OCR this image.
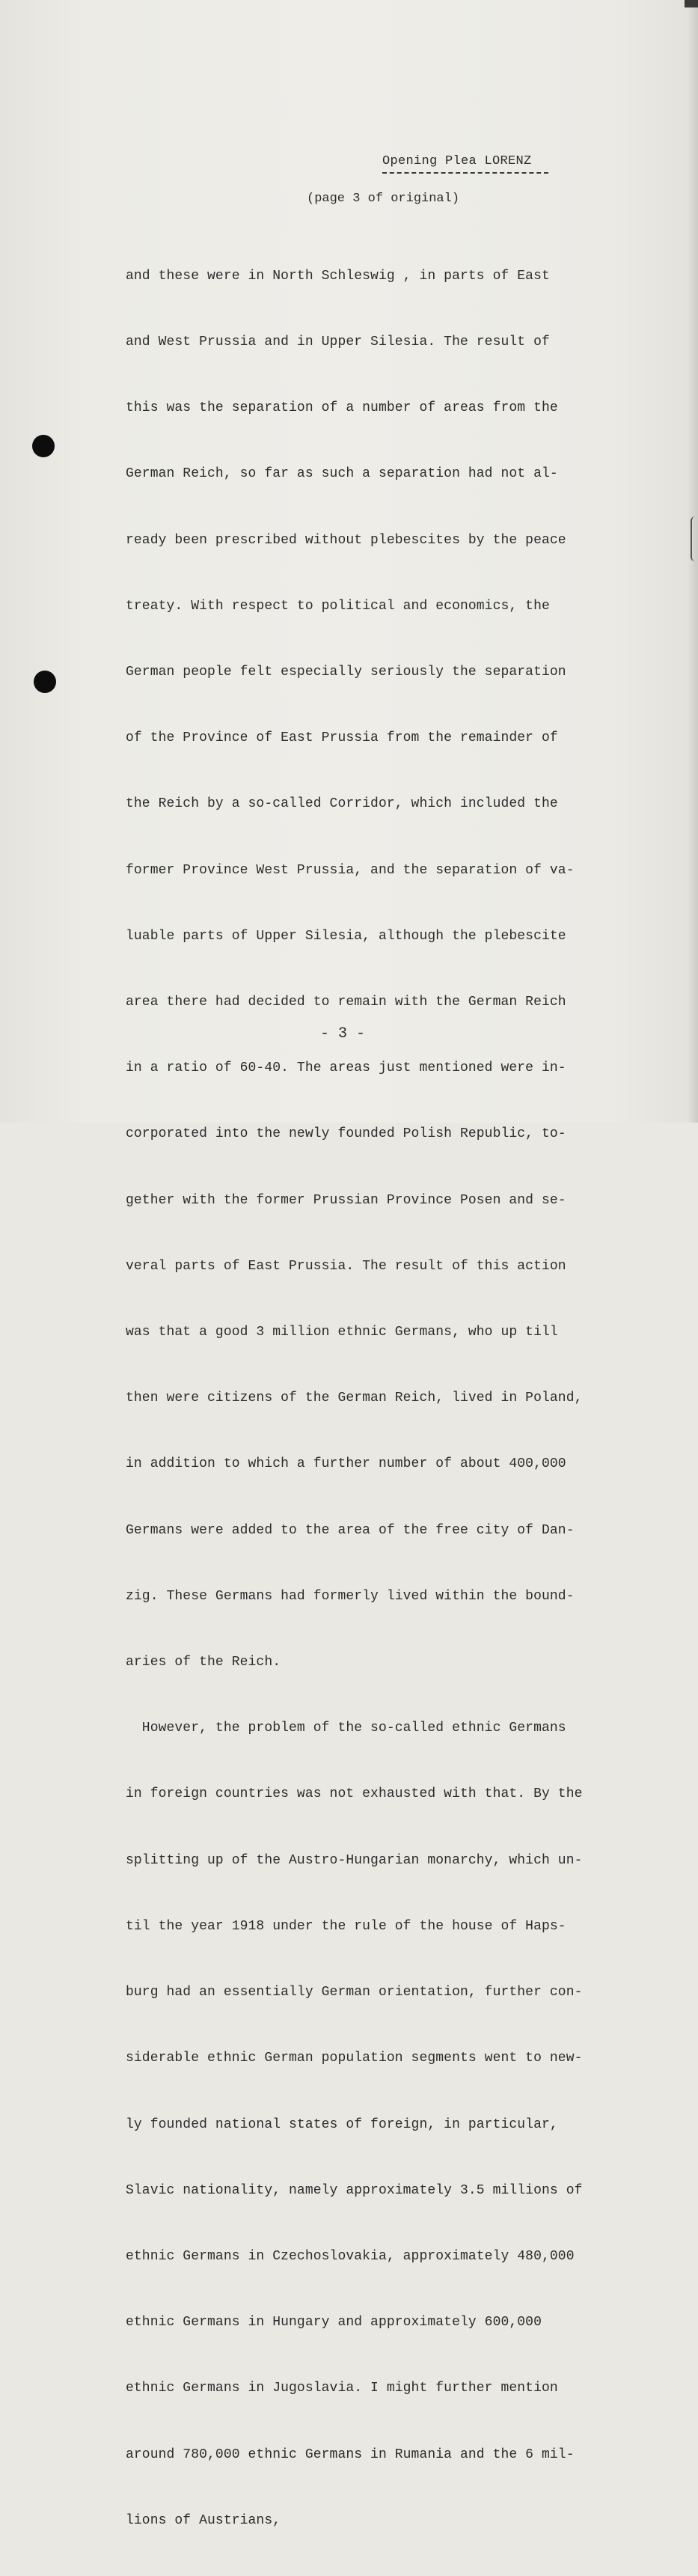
Opening Plea LORENZ
(page 3 of original)

and these were in North Schleswig , in parts of East

and West Prussia and in Upper Silesia. The result of

this was the separation of a number of areas from the

German Reich, so far as such a separation had not al-

ready been prescribed without plebescites by the peace

treaty. With respect to political and economics, the

German people felt especially seriously the separation

of the Province of East Prussia from the remainder of

the Reich by a so-called Corridor, which included the

former Province West Prussia, and the separation of va-

luable parts of Upper Silesia, although the plebescite

area there had decided to remain with the German Reich

in a ratio of 60-40. The areas just mentioned were in-

corporated into the newly founded Polish Republic, to-

gether with the former Prussian Province Posen and se-

veral parts of East Prussia. The result of this action

was that a good 3 million ethnic Germans, who up till

then were citizens of the German Reich, lived in Poland,

in addition to which a further number of about 400,000

Germans were added to the area of the free city of Dan-

zig. These Germans had formerly lived within the bound-

aries of the Reich.

However, the problem of the so-called ethnic Germans

in foreign countries was not exhausted with that. By the

splitting up of the Austro-Hungarian monarchy, which un-

til the year 1918 under the rule of the house of Haps-

burg had an essentially German orientation, further con-

siderable ethnic German population segments went to new-

ly founded national states of foreign, in particular,

Slavic nationality, namely approximately 3.5 millions of

ethnic Germans in Czechoslovakia, approximately 480,000

ethnic Germans in Hungary and approximately 600,000

ethnic Germans in Jugoslavia. I might further mention

around 780,000 ethnic Germans in Rumania and the 6 mil-

lions of Austrians,

- 3 -
